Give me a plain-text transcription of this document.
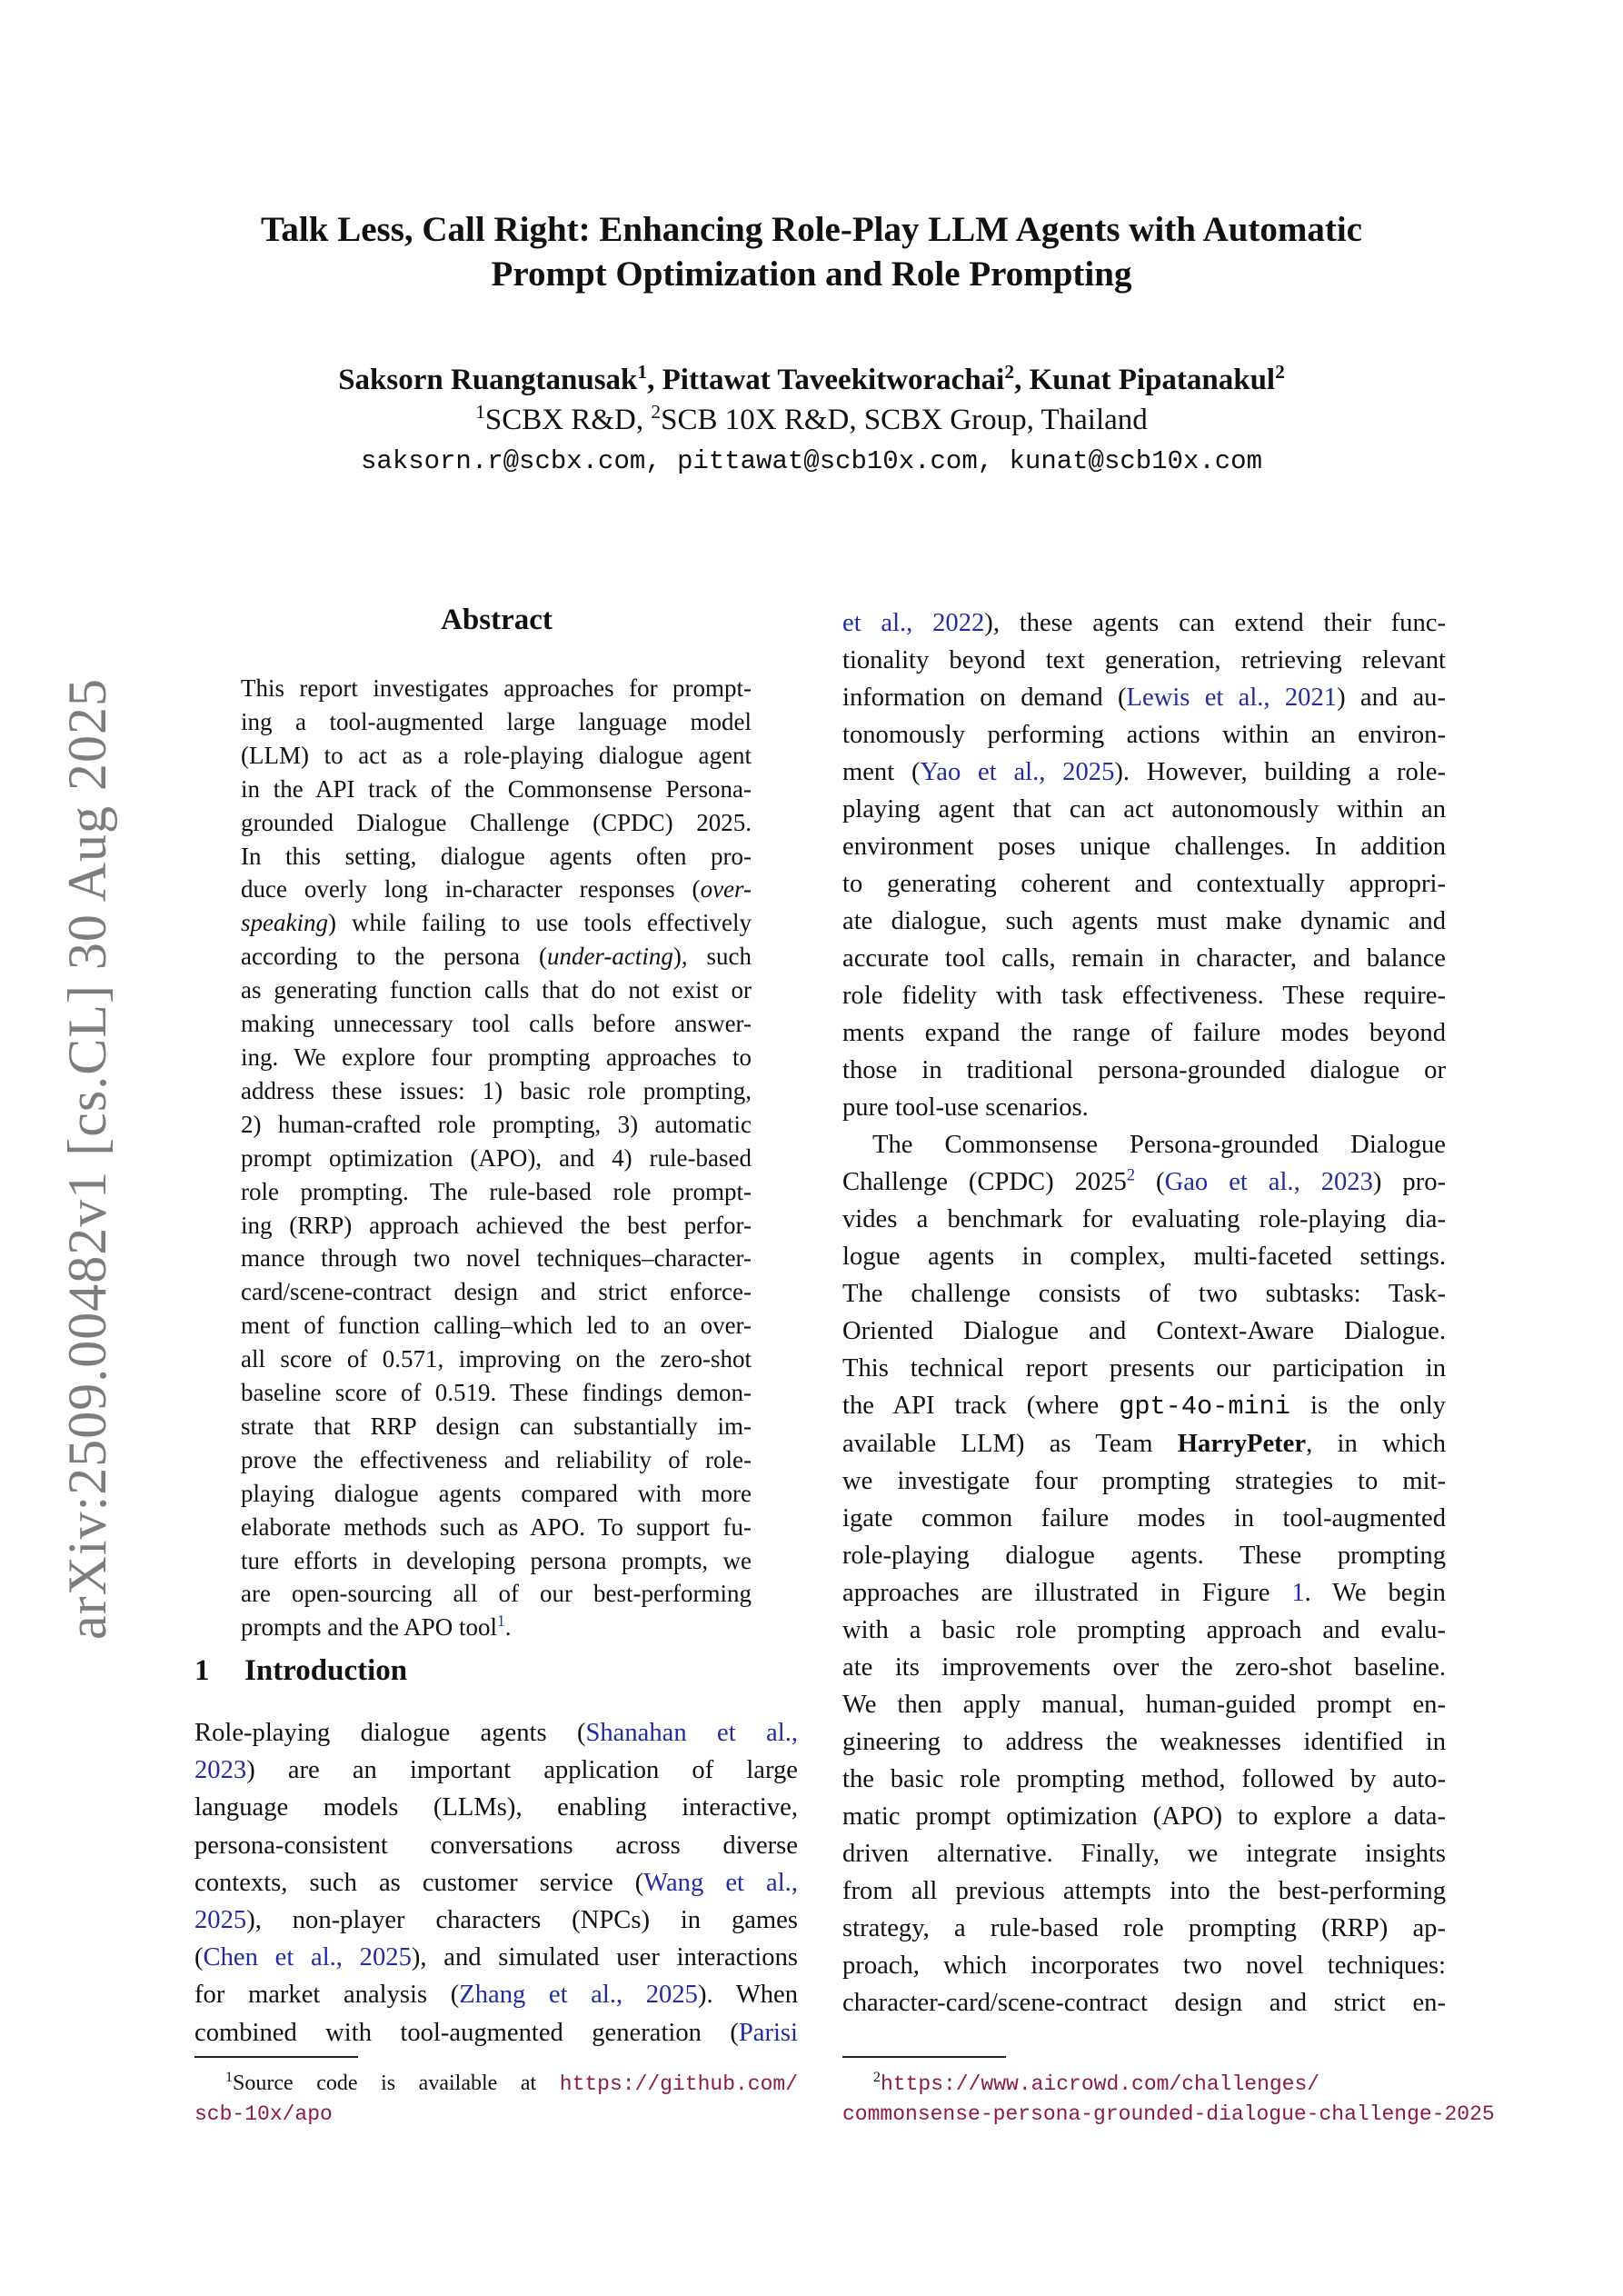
arXiv:2509.00482v1 [cs.CL] 30 Aug 2025
Talk Less, Call Right: Enhancing Role-Play LLM Agents with Automatic
Prompt Optimization and Role Prompting
Saksorn Ruangtanusak$^1$, Pittawat Taveekitworachai$^2$, Kunat Pipatanakul$^2$
$^1$SCBX R&D, $^2$SCB 10X R&D, SCBX Group, Thailand
saksorn.r@scbx.com, pittawat@scb10x.com, kunat@scb10x.com
Abstract
This report investigates approaches for prompt-
ing a tool-augmented large language model
(LLM) to act as a role-playing dialogue agent
in the API track of the Commonsense Persona-
grounded Dialogue Challenge (CPDC) 2025.
In this setting, dialogue agents often pro-
duce overly long in-character responses (over-
speaking) while failing to use tools effectively
according to the persona (under-acting), such
as generating function calls that do not exist or
making unnecessary tool calls before answer-
ing. We explore four prompting approaches to
address these issues: 1) basic role prompting,
2) human-crafted role prompting, 3) automatic
prompt optimization (APO), and 4) rule-based
role prompting. The rule-based role prompt-
ing (RRP) approach achieved the best perfor-
mance through two novel techniques–character-
card/scene-contract design and strict enforce-
ment of function calling–which led to an over-
all score of 0.571, improving on the zero-shot
baseline score of 0.519. These findings demon-
strate that RRP design can substantially im-
prove the effectiveness and reliability of role-
playing dialogue agents compared with more
elaborate methods such as APO. To support fu-
ture efforts in developing persona prompts, we
are open-sourcing all of our best-performing
prompts and the APO tool$^1$.
1 Introduction
Role-playing dialogue agents (Shanahan et al.,
2023) are an important application of large
language models (LLMs), enabling interactive,
persona-consistent conversations across diverse
contexts, such as customer service (Wang et al.,
2025), non-player characters (NPCs) in games
(Chen et al., 2025), and simulated user interactions
for market analysis (Zhang et al., 2025). When
combined with tool-augmented generation (Parisi
et al., 2022), these agents can extend their func-
tionality beyond text generation, retrieving relevant
information on demand (Lewis et al., 2021) and au-
tonomously performing actions within an environ-
ment (Yao et al., 2025). However, building a role-
playing agent that can act autonomously within an
environment poses unique challenges. In addition
to generating coherent and contextually appropri-
ate dialogue, such agents must make dynamic and
accurate tool calls, remain in character, and balance
role fidelity with task effectiveness. These require-
ments expand the range of failure modes beyond
those in traditional persona-grounded dialogue or
pure tool-use scenarios.
The Commonsense Persona-grounded Dialogue
Challenge (CPDC) 2025$^2$ (Gao et al., 2023) pro-
vides a benchmark for evaluating role-playing dia-
logue agents in complex, multi-faceted settings.
The challenge consists of two subtasks: Task-
Oriented Dialogue and Context-Aware Dialogue.
This technical report presents our participation in
the API track (where gpt-4o-mini is the only
available LLM) as Team HarryPeter, in which
we investigate four prompting strategies to mit-
igate common failure modes in tool-augmented
role-playing dialogue agents. These prompting
approaches are illustrated in Figure 1. We begin
with a basic role prompting approach and evalu-
ate its improvements over the zero-shot baseline.
We then apply manual, human-guided prompt en-
gineering to address the weaknesses identified in
the basic role prompting method, followed by auto-
matic prompt optimization (APO) to explore a data-
driven alternative. Finally, we integrate insights
from all previous attempts into the best-performing
strategy, a rule-based role prompting (RRP) ap-
proach, which incorporates two novel techniques:
character-card/scene-contract design and strict en-
$^1$Source code is available at https://github.com/
scb-10x/apo
$^2$https://www.aicrowd.com/challenges/
commonsense-persona-grounded-dialogue-challenge-2025
